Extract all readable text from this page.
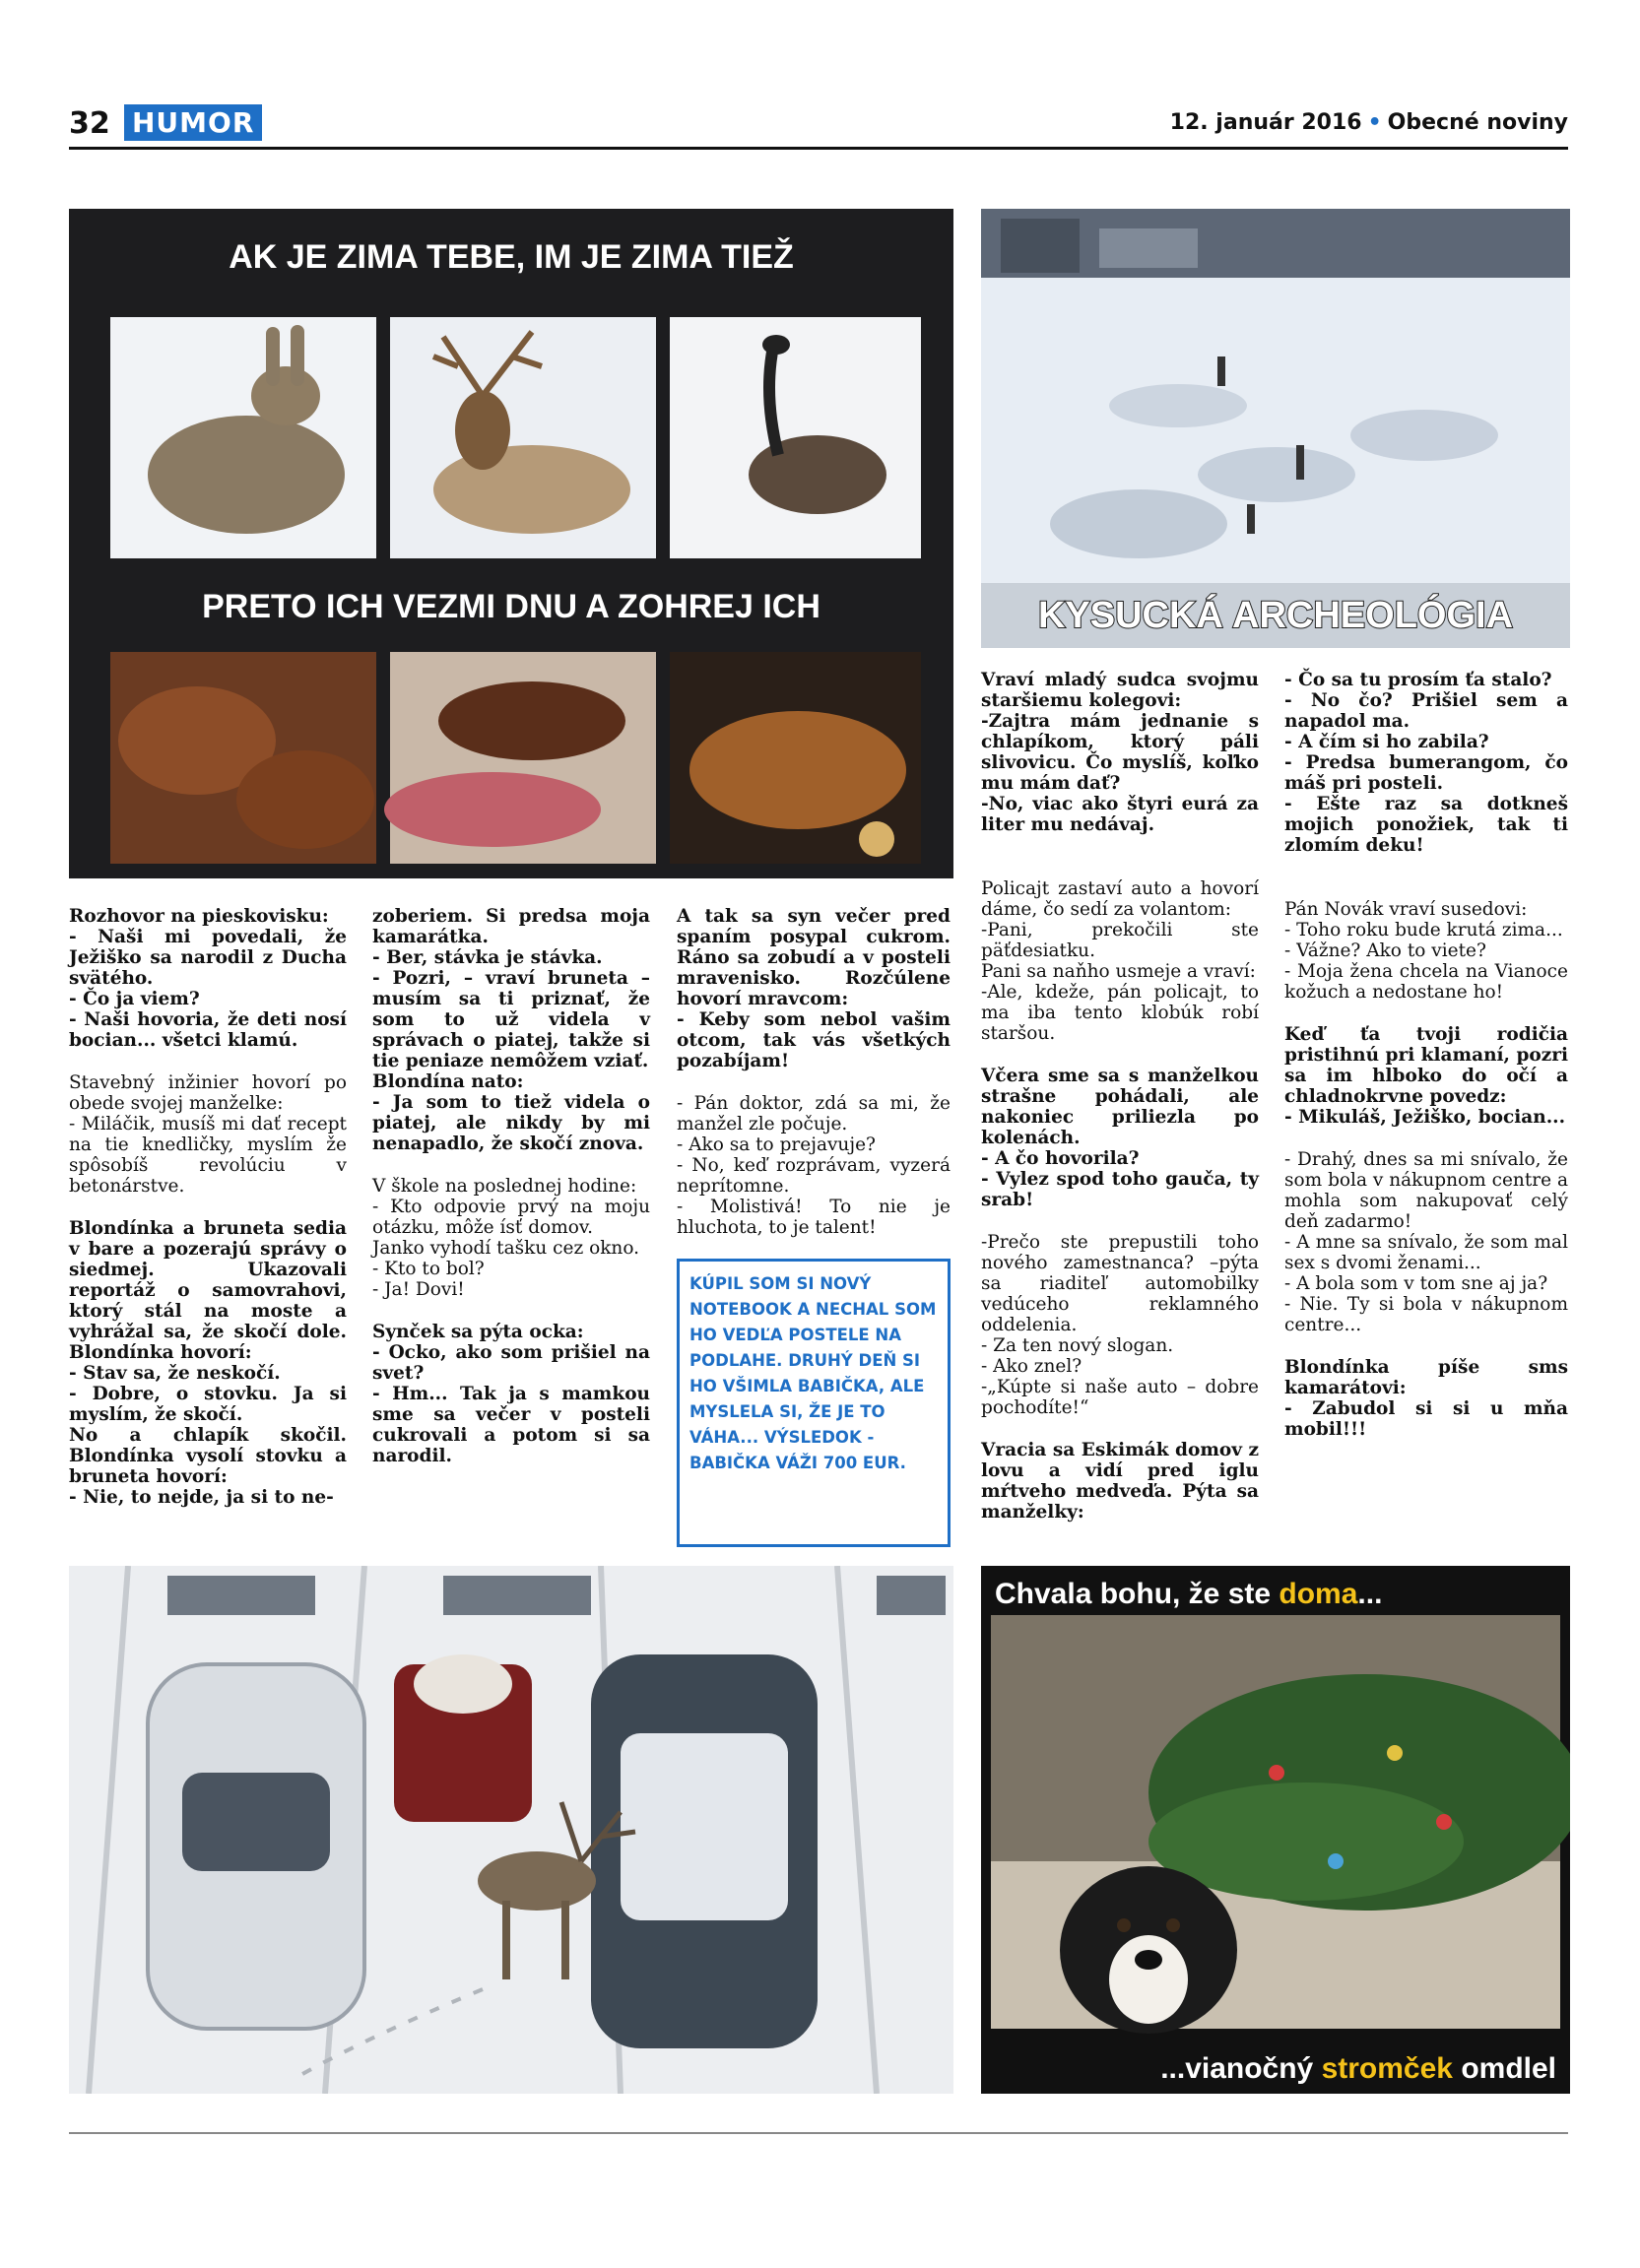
32 HUMOR	12. január 2016 • Obecné noviny
AK JE ZIMA TEBE, IM JE ZIMA TIEŽ
PRETO ICH VEZMI DNU A ZOHREJ ICH	KYSUCKÁ ARCHEOLÓGIA

Rozhovor na pieskovisku:
- Naši mi povedali, že Ježiško sa narodil z Ducha svätého.
- Čo ja viem?
- Naši hovoria, že deti nosí bocian... všetci klamú.

Stavebný inžinier hovorí po obede svojej manželke:
- Miláčik, musíš mi dať recept na tie knedličky, myslím že spôsobíš revolúciu v betonárstve.

Blondínka a bruneta sedia v bare a pozerajú správy o siedmej. Ukazovali reportáž o samovrahovi, ktorý stál na moste a vyhrážal sa, že skočí dole. Blondínka hovorí:
- Stav sa, že neskočí.
- Dobre, o stovku. Ja si myslím, že skočí.
No a chlapík skočil. Blondínka vysolí stovku a bruneta hovorí:
- Nie, to nejde, ja si to ne-

zoberiem. Si predsa moja kamarátka.
- Ber, stávka je stávka.
- Pozri, – vraví bruneta – musím sa ti priznať, že som to už videla v správach o piatej, takže si tie peniaze nemôžem vziať.
Blondína nato:
- Ja som to tiež videla o piatej, ale nikdy by mi nenapadlo, že skočí znova.

V škole na poslednej hodine:
- Kto odpovie prvý na moju otázku, môže ísť domov.
Janko vyhodí tašku cez okno.
- Kto to bol?
- Ja! Dovi!

Synček sa pýta ocka:
- Ocko, ako som prišiel na svet?
- Hm... Tak ja s mamkou sme sa večer v posteli cukrovali a potom si sa narodil.

A tak sa syn večer pred spaním posypal cukrom. Ráno sa zobudí a v posteli mravenisko. Rozčúlene hovorí mravcom:
- Keby som nebol vašim otcom, tak vás všetkých pozabíjam!

- Pán doktor, zdá sa mi, že manžel zle počuje.
- Ako sa to prejavuje?
- No, keď rozprávam, vyzerá neprítomne.
- Molistivá! To nie je hluchota, to je talent!

KÚPIL SOM SI NOVÝ NOTEBOOK A NECHAL SOM HO VEDĽA POSTELE NA PODLAHE. DRUHÝ DEŇ SI HO VŠIMLA BABIČKA, ALE MYSLELA SI, ŽE JE TO VÁHA... VÝSLEDOK - BABIČKA VÁŽI 700 EUR.

Vraví mladý sudca svojmu staršiemu kolegovi:
-Zajtra mám jednanie s chlapíkom, ktorý páli slivovicu. Čo myslíš, koľko mu mám dať?
-No, viac ako štyri eurá za liter mu nedávaj.

Policajt zastaví auto a hovorí dáme, čo sedí za volantom:
-Pani, prekočili ste päťdesiatku.
Pani sa naňho usmeje a vraví:
-Ale, kdeže, pán policajt, to ma iba tento klobúk robí staršou.

Včera sme sa s manželkou strašne pohádali, ale nakoniec priliezla po kolenách.
- A čo hovorila?
- Vylez spod toho gauča, ty srab!

-Prečo ste prepustili toho nového zamestnanca? –pýta sa riaditeľ automobilky vedúceho reklamného oddelenia.
- Za ten nový slogan.
- Ako znel?
-„Kúpte si naše auto – dobre pochodíte!“

Vracia sa Eskimák domov z lovu a vidí pred iglu mŕtveho medveďa. Pýta sa manželky:

- Čo sa tu prosím ťa stalo?
- No čo? Prišiel sem a napadol ma.
- A čím si ho zabila?
- Predsa bumerangom, čo máš pri posteli.
- Ešte raz sa dotkneš mojich ponožiek, tak ti zlomím deku!

Pán Novák vraví susedovi:
- Toho roku bude krutá zima...
- Vážne? Ako to viete?
- Moja žena chcela na Vianoce kožuch a nedostane ho!

Keď ťa tvoji rodičia pristihnú pri klamaní, pozri sa im hlboko do očí a chladnokrvne povedz:
- Mikuláš, Ježiško, bocian...

- Drahý, dnes sa mi snívalo, že som bola v nákupnom centre a mohla som nakupovať celý deň zadarmo!
- A mne sa snívalo, že som mal sex s dvomi ženami...
- A bola som v tom sne aj ja?
- Nie. Ty si bola v nákupnom centre...

Blondínka píše sms kamarátovi:
- Zabudol si si u mňa mobil!!!

Chvala bohu, že ste doma...
...vianočný stromček omdlel
